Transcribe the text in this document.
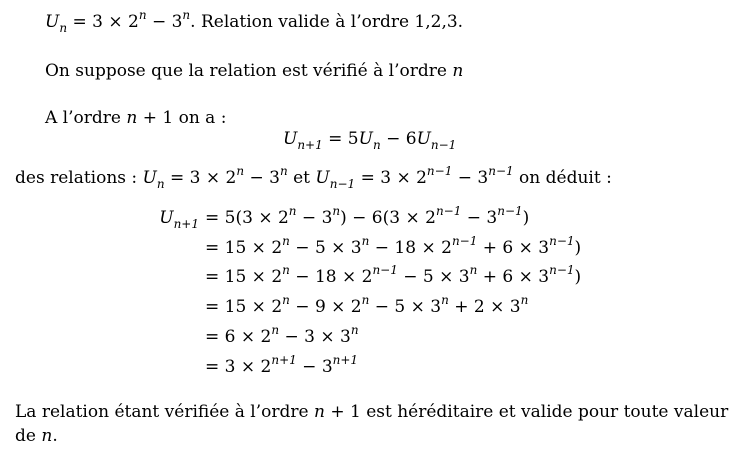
$U_n = 3 \times 2^n - 3^n$. Relation valide à l’ordre 1,2,3.
On suppose que la relation est vérifié à l’ordre n
A l’ordre n + 1 on a :
$U_{n+1} = 5U_n - 6U_{n-1}$
des relations : $U_n = 3 \times 2^n - 3^n$ et $U_{n-1} = 3 \times 2^{n-1} - 3^{n-1}$ on déduit :
$U_{n+1} = 5(3 \times 2^n - 3^n) - 6(3 \times 2^{n-1} - 3^{n-1})$
= $15 \times 2^n - 5 \times 3^n - 18 \times 2^{n-1} + 6 \times 3^{n-1}$)
= $15 \times 2^n - 18 \times 2^{n-1} - 5 \times 3^n + 6 \times 3^{n-1}$)
= $15 \times 2^n - 9 \times 2^n - 5 \times 3^n + 2 \times 3^n$
= $6 \times 2^n - 3 \times 3^n$
= $3 \times 2^{n+1} - 3^{n+1}$
La relation étant vérifiée à l’ordre n + 1 est héréditaire et valide pour toute valeur
de n.
